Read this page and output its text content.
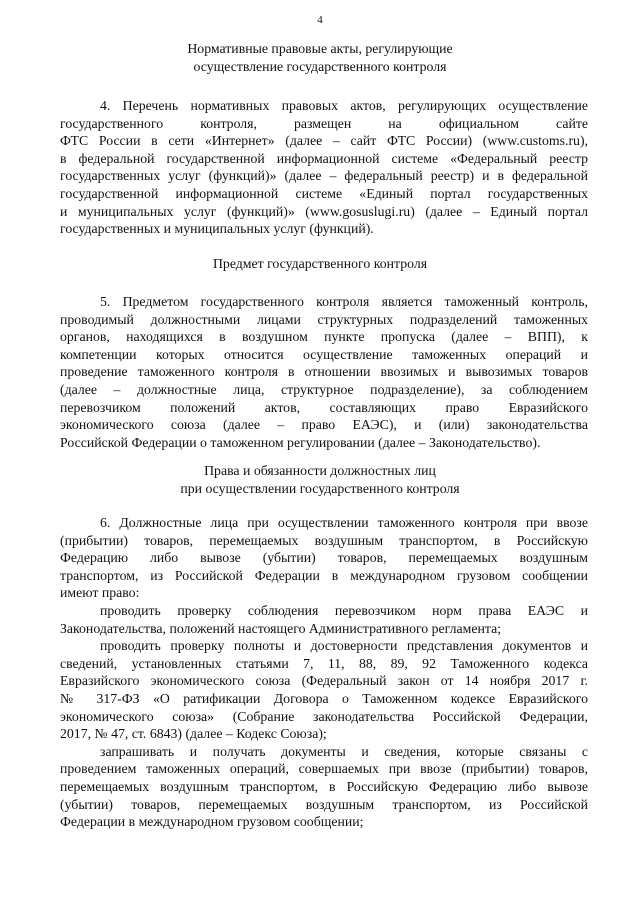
4
Нормативные правовые акты, регулирующие
осуществление государственного контроля
4. Перечень нормативных правовых актов, регулирующих осуществление
государственного контроля, размещен на официальном сайте
ФТС России в сети «Интернет» (далее – сайт ФТС России) (www.customs.ru),
в федеральной государственной информационной системе «Федеральный реестр
государственных услуг (функций)» (далее – федеральный реестр) и в федеральной
государственной информационной системе «Единый портал государственных
и муниципальных услуг (функций)» (www.gosuslugi.ru) (далее – Единый портал
государственных и муниципальных услуг (функций).
Предмет государственного контроля
5. Предметом государственного контроля является таможенный контроль,
проводимый должностными лицами структурных подразделений таможенных
органов, находящихся в воздушном пункте пропуска (далее – ВПП), к
компетенции которых относится осуществление таможенных операций и
проведение таможенного контроля в отношении ввозимых и вывозимых товаров
(далее – должностные лица, структурное подразделение), за соблюдением
перевозчиком положений актов, составляющих право Евразийского
экономического союза (далее – право ЕАЭС), и (или) законодательства
Российской Федерации о таможенном регулировании (далее – Законодательство).
Права и обязанности должностных лиц
при осуществлении государственного контроля
6. Должностные лица при осуществлении таможенного контроля при ввозе
(прибытии) товаров, перемещаемых воздушным транспортом, в Российскую
Федерацию либо вывозе (убытии) товаров, перемещаемых воздушным
транспортом, из Российской Федерации в международном грузовом сообщении
имеют право:
проводить проверку соблюдения перевозчиком норм права ЕАЭС и
Законодательства, положений настоящего Административного регламента;
проводить проверку полноты и достоверности представления документов и
сведений, установленных статьями 7, 11, 88, 89, 92 Таможенного кодекса
Евразийского экономического союза (Федеральный закон от 14 ноября 2017 г.
№ 317-ФЗ «О ратификации Договора о Таможенном кодексе Евразийского
экономического союза» (Собрание законодательства Российской Федерации,
2017, № 47, ст. 6843) (далее – Кодекс Союза);
запрашивать и получать документы и сведения, которые связаны с
проведением таможенных операций, совершаемых при ввозе (прибытии) товаров,
перемещаемых воздушным транспортом, в Российскую Федерацию либо вывозе
(убытии) товаров, перемещаемых воздушным транспортом, из Российской
Федерации в международном грузовом сообщении;
